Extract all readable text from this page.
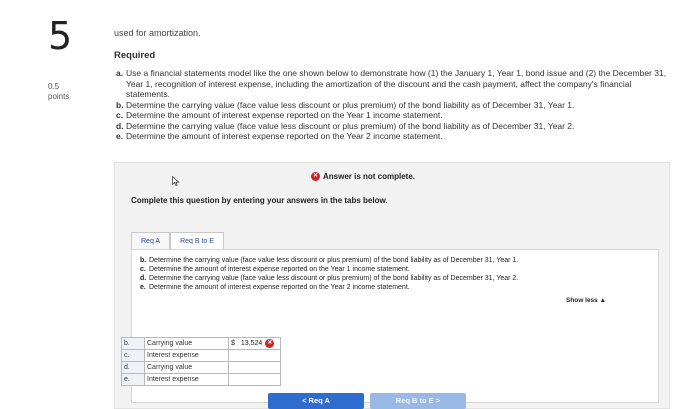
5
0.5
points
used for amortization.
Required
a. Use a financial statements model like the one shown below to demonstrate how (1) the January 1, Year 1, bond issue and (2) the December 31, Year 1, recognition of interest expense, including the amortization of the discount and the cash payment, affect the company's financial statements.
b. Determine the carrying value (face value less discount or plus premium) of the bond liability as of December 31, Year 1.
c. Determine the amount of interest expense reported on the Year 1 income statement.
d. Determine the carrying value (face value less discount or plus premium) of the bond liability as of December 31, Year 2.
e. Determine the amount of interest expense reported on the Year 2 income statement.
✕ Answer is not complete.
Complete this question by entering your answers in the tabs below.
Req A	Req B to E
b. Determine the carrying value (face value less discount or plus premium) of the bond liability as of December 31, Year 1.
c. Determine the amount of interest expense reported on the Year 1 income statement.
d. Determine the carrying value (face value less discount or plus premium) of the bond liability as of December 31, Year 2.
e. Determine the amount of interest expense reported on the Year 2 income statement.
Show less ▲
b.	Carrying value	$ 13,524 ✕

c.	Interest expense	
d.	Carrying value	
e.	Interest expense	
< Req A	Req B to E >
